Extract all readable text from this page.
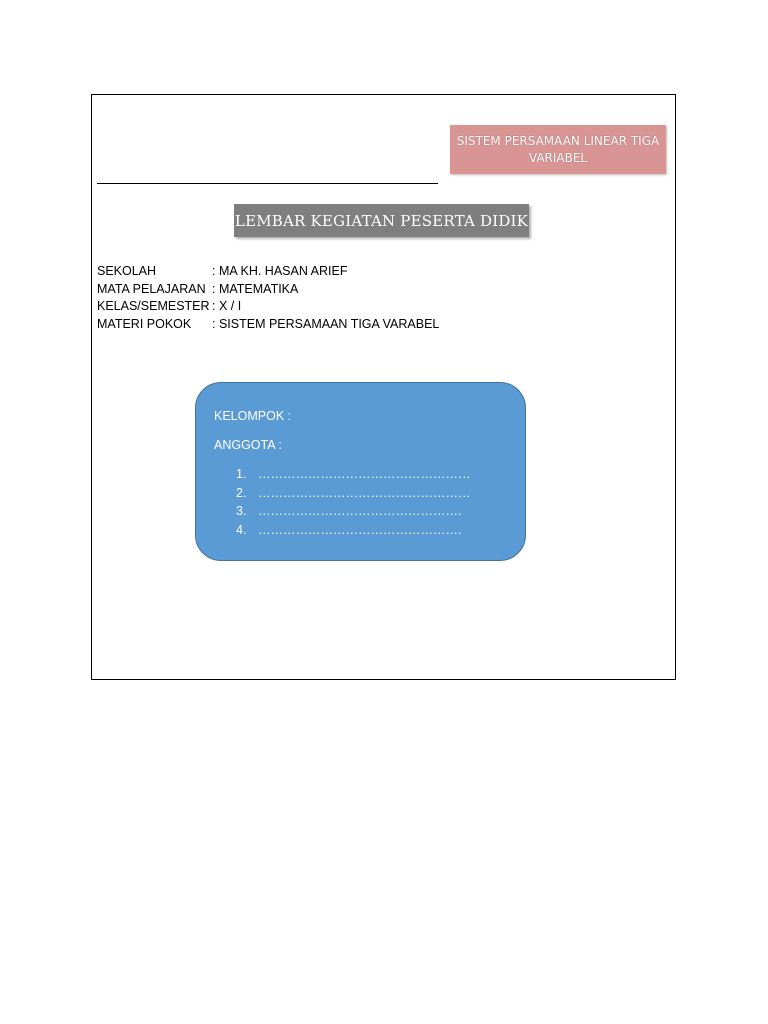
SISTEM PERSAMAAN LINEAR TIGA VARIABEL
LEMBAR KEGIATAN PESERTA DIDIK
SEKOLAH	: MA KH. HASAN ARIEF
MATA PELAJARAN : MATEMATIKA
KELAS/SEMESTER : X / I
MATERI POKOK : SISTEM PERSAMAAN TIGA VARABEL
KELOMPOK :
ANGGOTA :
1. ……………………………………………
2. ……………………………………………
3. ………………………………………….
4. ………………………………………….
